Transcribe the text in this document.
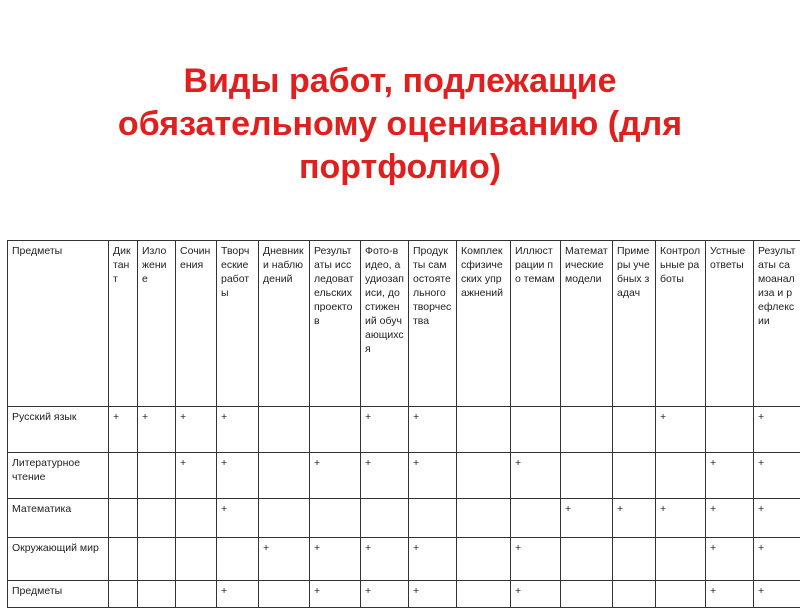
Виды работ, подлежащие
обязательному оцениванию (для
портфолио)
Предметы	Диктант	Изложение	Сочинения	Творческие работы	Дневники наблюдений	Результаты исследовательских проектов	Фото-видео, аудиозаписи, достижений обучающихся	Продукты самостоятельного творчества	Комплексфизических упражнений	Иллюстрации по темам	Математические модели	Примеры учебных задач	Контрольные работы	Устные ответы	Результаты самоанализа и рефлексии
Русский язык	+	+	+	+			+	+					+		+
Литературное чтение			+	+		+	+	+		+				+	+
Математика				+							+	+	+	+	+
Окружающий мир					+	+	+	+		+				+	+
Предметы				+		+	+	+		+				+	+
